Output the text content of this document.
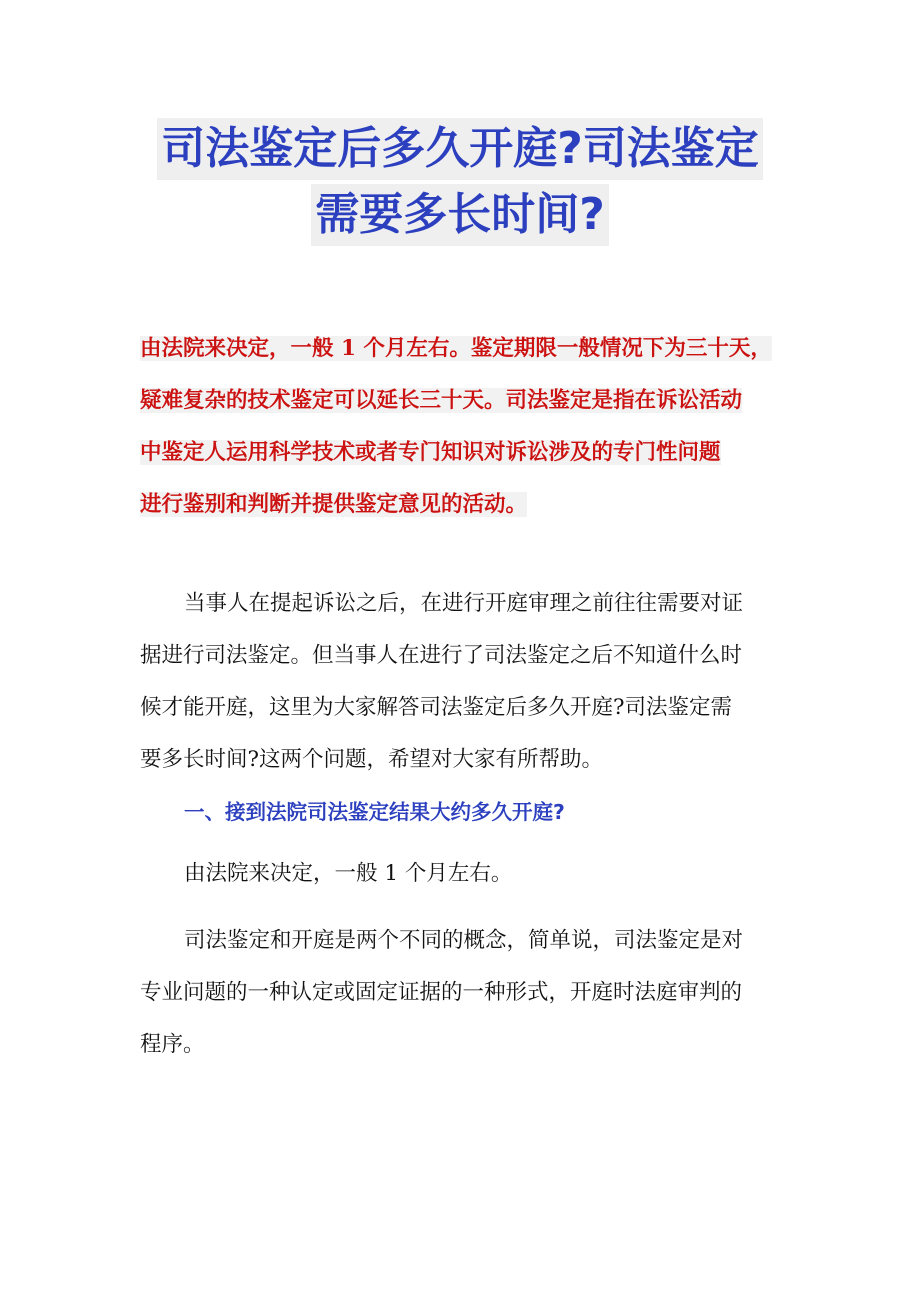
司法鉴定后多久开庭?司法鉴定
需要多长时间?

由法院来决定，一般 1 个月左右。鉴定期限一般情况下为三十天，

疑难复杂的技术鉴定可以延长三十天。司法鉴定是指在诉讼活动

中鉴定人运用科学技术或者专门知识对诉讼涉及的专门性问题

进行鉴别和判断并提供鉴定意见的活动。

当事人在提起诉讼之后，在进行开庭审理之前往往需要对证
据进行司法鉴定。但当事人在进行了司法鉴定之后不知道什么时
候才能开庭，这里为大家解答司法鉴定后多久开庭?司法鉴定需
要多长时间?这两个问题，希望对大家有所帮助。
一、接到法院司法鉴定结果大约多久开庭?
由法院来决定，一般 1 个月左右。
司法鉴定和开庭是两个不同的概念，简单说，司法鉴定是对
专业问题的一种认定或固定证据的一种形式，开庭时法庭审判的
程序。
